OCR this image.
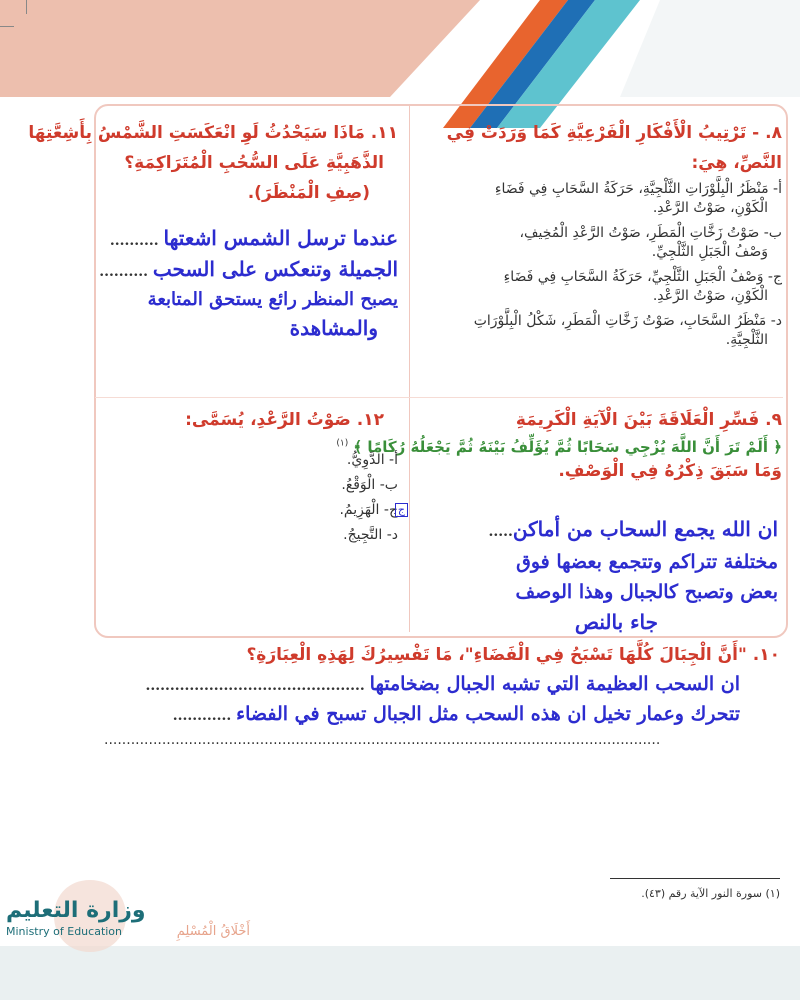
٨. - تَرْتِيبُ الْأَفْكَارِ الْفَرْعِيَّةِ كَمَا وَرَدَتْ فِي
النَّصِّ، هِيَ:
أ- مَنْظَرُ الْبِلَّوْرَاتِ الثَّلْجِيَّةِ، حَرَكَةُ السَّحَابِ فِي فَضَاءِ
الْكَوْنِ، صَوْتُ الرَّعْدِ.
ب- صَوْتُ زَخَّاتِ الْمَطَرِ، صَوْتُ الرَّعْدِ الْمُخِيفِ،
وَصْفُ الْجَبَلِ الثَّلْجِيِّ.
ج- وَصْفُ الْجَبَلِ الثَّلْجِيِّ، حَرَكَةُ السَّحَابِ فِي فَضَاءِ
الْكَوْنِ، صَوْتُ الرَّعْدِ.
د- مَنْظَرُ السَّحَابِ، صَوْتُ زَخَّاتِ الْمَطَرِ، شَكْلُ الْبِلَّوْرَاتِ
الثَّلْجِيَّةِ.
١١. مَاذَا سَيَحْدُثُ لَوِ انْعَكَسَتِ الشَّمْسُ بِأَشِعَّتِهَا
الذَّهَبِيَّةِ عَلَى السُّحُبِ الْمُتَرَاكِمَةِ؟
(صِفِ الْمَنْظَرَ).
عندما ترسل الشمس اشعتها ..........
الجميلة وتنعكس على السحب ..........
يصبح المنظر رائع يستحق المتابعة
والمشاهدة
٩. فَسِّرِ الْعَلَاقَةَ بَيْنَ الْآيَةِ الْكَرِيمَةِ
﴿ أَلَمْ تَرَ أَنَّ اللَّهَ يُزْجِي سَحَابًا ثُمَّ يُؤَلِّفُ بَيْنَهُ ثُمَّ يَجْعَلُهُ رُكَامًا ﴾ $^{(١)}$
وَمَا سَبَقَ ذِكْرُهُ فِي الْوَصْفِ.
ان الله يجمع السحاب من أماكن.....
مختلفة تتراكم وتتجمع بعضها فوق
بعض وتصبح كالجبال وهذا الوصف
جاء بالنص
١٢. صَوْتُ الرَّعْدِ، يُسَمَّى:
أ- الدَّوِيُّ.
ب- الْوَقْعُ.
ج- الْهَزِيمُ. ج
د- التَّجِيجُ.
١٠. "أَنَّ الْجِبَالَ كُلَّهَا تَسْبَحُ فِي الْفَضَاءِ"، مَا تَفْسِيرُكَ لِهَذِهِ الْعِبَارَةِ؟
ان السحب العظيمة التي تشبه الجبال بضخامتها .............................................
تتحرك وعمار تخيل ان هذه السحب مثل الجبال تسبح في الفضاء ............
.............................................................................................................................
(١) سورة النور الآية رقم (٤٣).
وزارة التعليم
Ministry of Education	أَخْلَاقُ الْمُسْلِمِ
